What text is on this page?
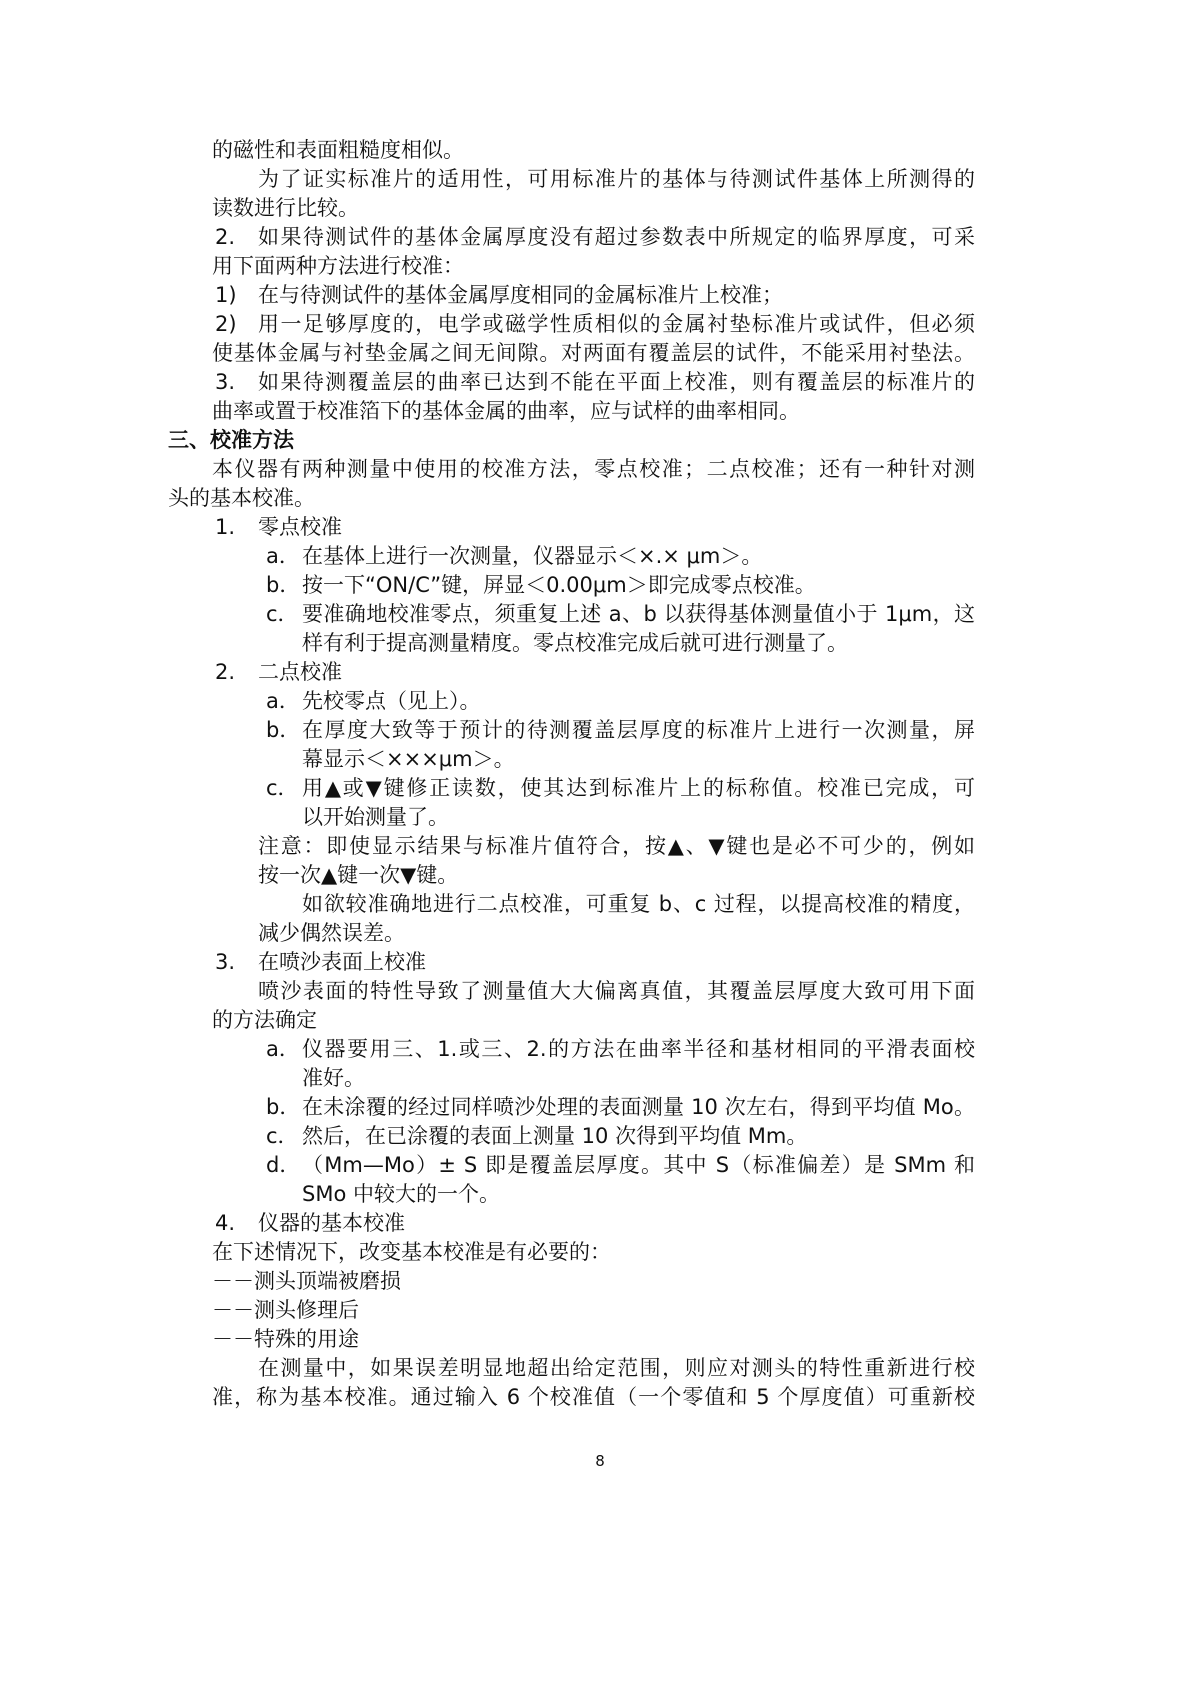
的磁性和表面粗糙度相似。
为了证实标准片的适用性，可用标准片的基体与待测试件基体上所测得的
读数进行比较。
2. 如果待测试件的基体金属厚度没有超过参数表中所规定的临界厚度，可采
用下面两种方法进行校准：
1) 在与待测试件的基体金属厚度相同的金属标准片上校准；
2) 用一足够厚度的，电学或磁学性质相似的金属衬垫标准片或试件，但必须
使基体金属与衬垫金属之间无间隙。对两面有覆盖层的试件，不能采用衬垫法。
3. 如果待测覆盖层的曲率已达到不能在平面上校准，则有覆盖层的标准片的
曲率或置于校准箔下的基体金属的曲率，应与试样的曲率相同。
三、校准方法
本仪器有两种测量中使用的校准方法，零点校准；二点校准；还有一种针对测
头的基本校准。
1. 零点校准
a． 在基体上进行一次测量，仪器显示＜×.× μm＞。
b． 按一下“ON/C”键，屏显＜0.00μm＞即完成零点校准。
c． 要准确地校准零点，须重复上述 a、b 以获得基体测量值小于 1μm，这
样有利于提高测量精度。零点校准完成后就可进行测量了。
2. 二点校准
a． 先校零点（见上）。
b． 在厚度大致等于预计的待测覆盖层厚度的标准片上进行一次测量，屏
幕显示＜×××μm＞。
c． 用▲或▼键修正读数，使其达到标准片上的标称值。校准已完成，可
以开始测量了。
注意：即使显示结果与标准片值符合，按▲、▼键也是必不可少的，例如
按一次▲键一次▼键。
如欲较准确地进行二点校准，可重复 b、c 过程，以提高校准的精度，
减少偶然误差。
3. 在喷沙表面上校准
喷沙表面的特性导致了测量值大大偏离真值，其覆盖层厚度大致可用下面
的方法确定
a． 仪器要用三、1.或三、2.的方法在曲率半径和基材相同的平滑表面校
准好。
b． 在未涂覆的经过同样喷沙处理的表面测量 10 次左右，得到平均值 Mo。
c． 然后，在已涂覆的表面上测量 10 次得到平均值 Mm。
d． （Mm—Mo）± S 即是覆盖层厚度。其中 S（标准偏差）是 SMm 和
SMo 中较大的一个。
4. 仪器的基本校准
在下述情况下，改变基本校准是有必要的：
－－测头顶端被磨损
－－测头修理后
－－特殊的用途
在测量中，如果误差明显地超出给定范围，则应对测头的特性重新进行校
准，称为基本校准。通过输入 6 个校准值（一个零值和 5 个厚度值）可重新校
8
